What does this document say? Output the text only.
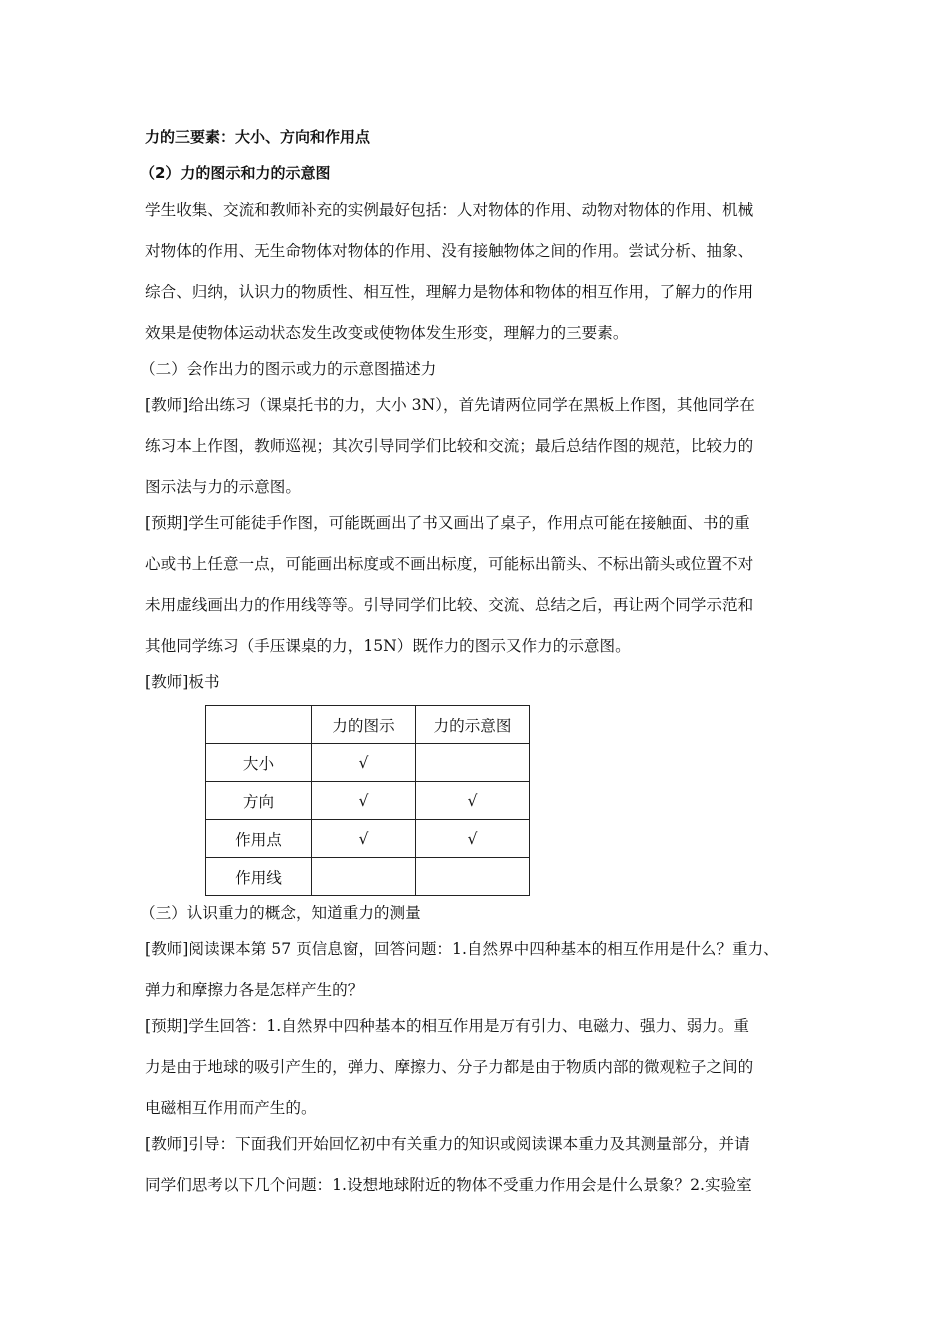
力的三要素：大小、方向和作用点
（2）力的图示和力的示意图
学生收集、交流和教师补充的实例最好包括：人对物体的作用、动物对物体的作用、机械
对物体的作用、无生命物体对物体的作用、没有接触物体之间的作用。尝试分析、抽象、
综合、归纳，认识力的物质性、相互性，理解力是物体和物体的相互作用，了解力的作用
效果是使物体运动状态发生改变或使物体发生形变，理解力的三要素。
（二）会作出力的图示或力的示意图描述力
[教师]给出练习（课桌托书的力，大小 3N），首先请两位同学在黑板上作图，其他同学在
练习本上作图，教师巡视；其次引导同学们比较和交流；最后总结作图的规范，比较力的
图示法与力的示意图。
[预期]学生可能徒手作图，可能既画出了书又画出了桌子，作用点可能在接触面、书的重
心或书上任意一点，可能画出标度或不画出标度，可能标出箭头、不标出箭头或位置不对
未用虚线画出力的作用线等等。引导同学们比较、交流、总结之后，再让两个同学示范和
其他同学练习（手压课桌的力，15N）既作力的图示又作力的示意图。
[教师]板书
	力的图示	力的示意图
大小	√	
方向	√	√
作用点	√	√
作用线		
（三）认识重力的概念，知道重力的测量
[教师]阅读课本第 57 页信息窗，回答问题：1.自然界中四种基本的相互作用是什么？重力、
弹力和摩擦力各是怎样产生的？
[预期]学生回答：1.自然界中四种基本的相互作用是万有引力、电磁力、强力、弱力。重
力是由于地球的吸引产生的，弹力、摩擦力、分子力都是由于物质内部的微观粒子之间的
电磁相互作用而产生的。
[教师]引导：下面我们开始回忆初中有关重力的知识或阅读课本重力及其测量部分，并请
同学们思考以下几个问题：1.设想地球附近的物体不受重力作用会是什么景象？2.实验室
